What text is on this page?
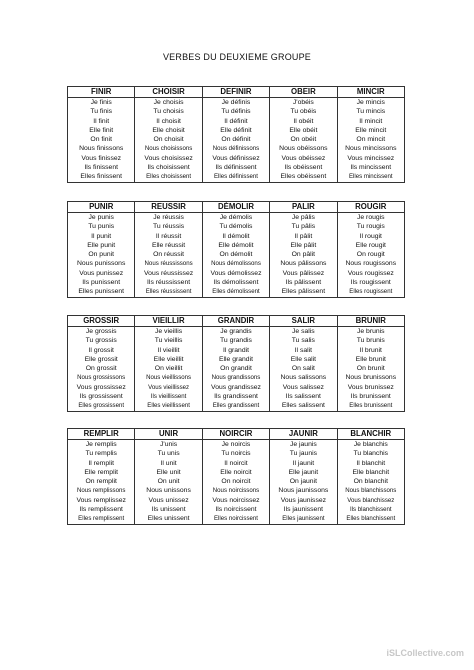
VERBES DU DEUXIEME GROUPE
FINIR	CHOISIR	DEFINIR	OBEIR	MINCIR
Je finis	Je choisis	Je définis	J'obéis	Je mincis
Tu finis	Tu choisis	Tu définis	Tu obéis	Tu mincis
Il finit	Il choisit	Il définit	Il obéit	Il mincit
Elle finit	Elle choisit	Elle définit	Elle obéit	Elle mincit
On finit	On choisit	On définit	On obéit	On mincit
Nous finissons	Nous choisissons	Nous définissons	Nous obéissons	Nous mincissons
Vous finissez	Vous choisissez	Vous définissez	Vous obéissez	Vous mincissez
Ils finissent	Ils choisissent	Ils définissent	Ils obéissent	Ils mincissent
Elles finissent	Elles choisissent	Elles définissent	Elles obéissent	Elles mincissent
PUNIR	REUSSIR	DÉMOLIR	PALIR	ROUGIR
Je punis	Je réussis	Je démolis	Je pâlis	Je rougis
Tu punis	Tu réussis	Tu démolis	Tu pâlis	Tu rougis
Il punit	Il réussit	Il démolit	Il pâlit	Il rougit
Elle punit	Elle réussit	Elle démolit	Elle pâlit	Elle rougit
On punit	On réussit	On démolit	On pâlit	On rougit
Nous punissons	Nous réussissons	Nous démolissons	Nous pâlissons	Nous rougissons
Vous punissez	Vous réussissez	Vous démolissez	Vous pâlissez	Vous rougissez
Ils punissent	Ils réussissent	Ils démolissent	Ils pâlissent	Ils rougissent
Elles punissent	Elles réussissent	Elles démolissent	Elles pâlissent	Elles rougissent
GROSSIR	VIEILLIR	GRANDIR	SALIR	BRUNIR
Je grossis	Je vieillis	Je grandis	Je salis	Je brunis
Tu grossis	Tu vieillis	Tu grandis	Tu salis	Tu brunis
Il grossit	Il vieillit	Il grandit	Il salit	Il brunit
Elle grossit	Elle vieillit	Elle grandit	Elle salit	Elle brunit
On grossit	On vieillit	On grandit	On salit	On brunit
Nous grossissons	Nous vieillissons	Nous grandissons	Nous salissons	Nous brunissons
Vous grossissez	Vous vieillissez	Vous grandissez	Vous salissez	Vous brunissez
Ils grossissent	Ils vieillissent	Ils grandissent	Ils salissent	Ils brunissent
Elles grossissent	Elles vieillissent	Elles grandissent	Elles salissent	Elles brunissent
REMPLIR	UNIR	NOIRCIR	JAUNIR	BLANCHIR
Je remplis	J'unis	Je noircis	Je jaunis	Je blanchis
Tu remplis	Tu unis	Tu noircis	Tu jaunis	Tu blanchis
Il remplit	Il unit	Il noircit	Il jaunit	Il blanchit
Elle remplit	Elle unit	Elle noircit	Elle jaunit	Elle blanchit
On remplit	On unit	On noircit	On jaunit	On blanchit
Nous remplissons	Nous unissons	Nous noircissons	Nous jaunissons	Nous blanchissons
Vous remplissez	Vous unissez	Vous noircissez	Vous jaunissez	Vous blanchissez
Ils remplissent	Ils unissent	Ils noircissent	Ils jaunissent	Ils blanchissent
Elles remplissent	Elles unissent	Elles noircissent	Elles jaunissent	Elles blanchissent
iSLCollective.com
